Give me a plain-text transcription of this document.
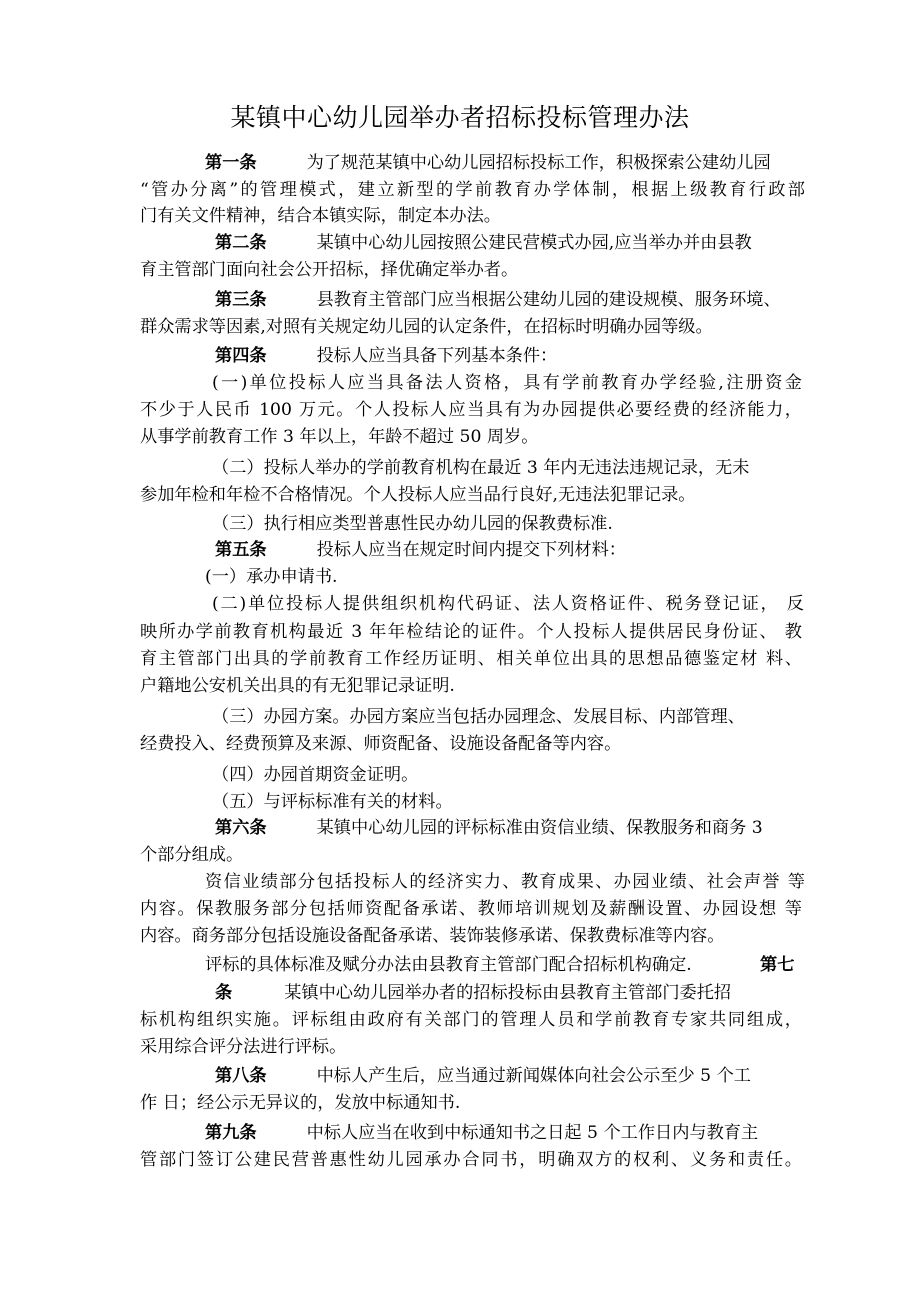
某镇中心幼儿园举办者招标投标管理办法
第一条	为了规范某镇中心幼儿园招标投标工作，积极探索公建幼儿园
“管办分离”的管理模式，建立新型的学前教育办学体制，根据上级教育行政部
门有关文件精神，结合本镇实际，制定本办法。
第二条	某镇中心幼儿园按照公建民营模式办园,应当举办并由县教
育主管部门面向社会公开招标，择优确定举办者。
第三条	县教育主管部门应当根据公建幼儿园的建设规模、服务环境、
群众需求等因素,对照有关规定幼儿园的认定条件，在招标时明确办园等级。
第四条	投标人应当具备下列基本条件：
(一)单位投标人应当具备法人资格，具有学前教育办学经验,注册资金
不少于人民币 100 万元。个人投标人应当具有为办园提供必要经费的经济能力，
从事学前教育工作 3 年以上，年龄不超过 50 周岁。
（二）投标人举办的学前教育机构在最近 3 年内无违法违规记录，无未
参加年检和年检不合格情况。个人投标人应当品行良好,无违法犯罪记录。
（三）执行相应类型普惠性民办幼儿园的保教费标准.
第五条	投标人应当在规定时间内提交下列材料：
(一）承办申请书.
(二)单位投标人提供组织机构代码证、法人资格证件、税务登记证， 反
映所办学前教育机构最近 3 年年检结论的证件。个人投标人提供居民身份证、 教
育主管部门出具的学前教育工作经历证明、相关单位出具的思想品德鉴定材 料、
户籍地公安机关出具的有无犯罪记录证明.
（三）办园方案。办园方案应当包括办园理念、发展目标、内部管理、
经费投入、经费预算及来源、师资配备、设施设备配备等内容。
（四）办园首期资金证明。
（五）与评标标准有关的材料。
第六条	某镇中心幼儿园的评标标准由资信业绩、保教服务和商务 3
个部分组成。
资信业绩部分包括投标人的经济实力、教育成果、办园业绩、社会声誉 等
内容。保教服务部分包括师资配备承诺、教师培训规划及薪酬设置、办园设想 等
内容。商务部分包括设施设备配备承诺、装饰装修承诺、保教费标准等内容。
评标的具体标准及赋分办法由县教育主管部门配合招标机构确定.	第七
条	某镇中心幼儿园举办者的招标投标由县教育主管部门委托招
标机构组织实施。评标组由政府有关部门的管理人员和学前教育专家共同组成，
采用综合评分法进行评标。
第八条	中标人产生后，应当通过新闻媒体向社会公示至少 5 个工
作 日；经公示无异议的，发放中标通知书.
第九条	中标人应当在收到中标通知书之日起 5 个工作日内与教育主
管部门签订公建民营普惠性幼儿园承办合同书，明确双方的权利、义务和责任。
